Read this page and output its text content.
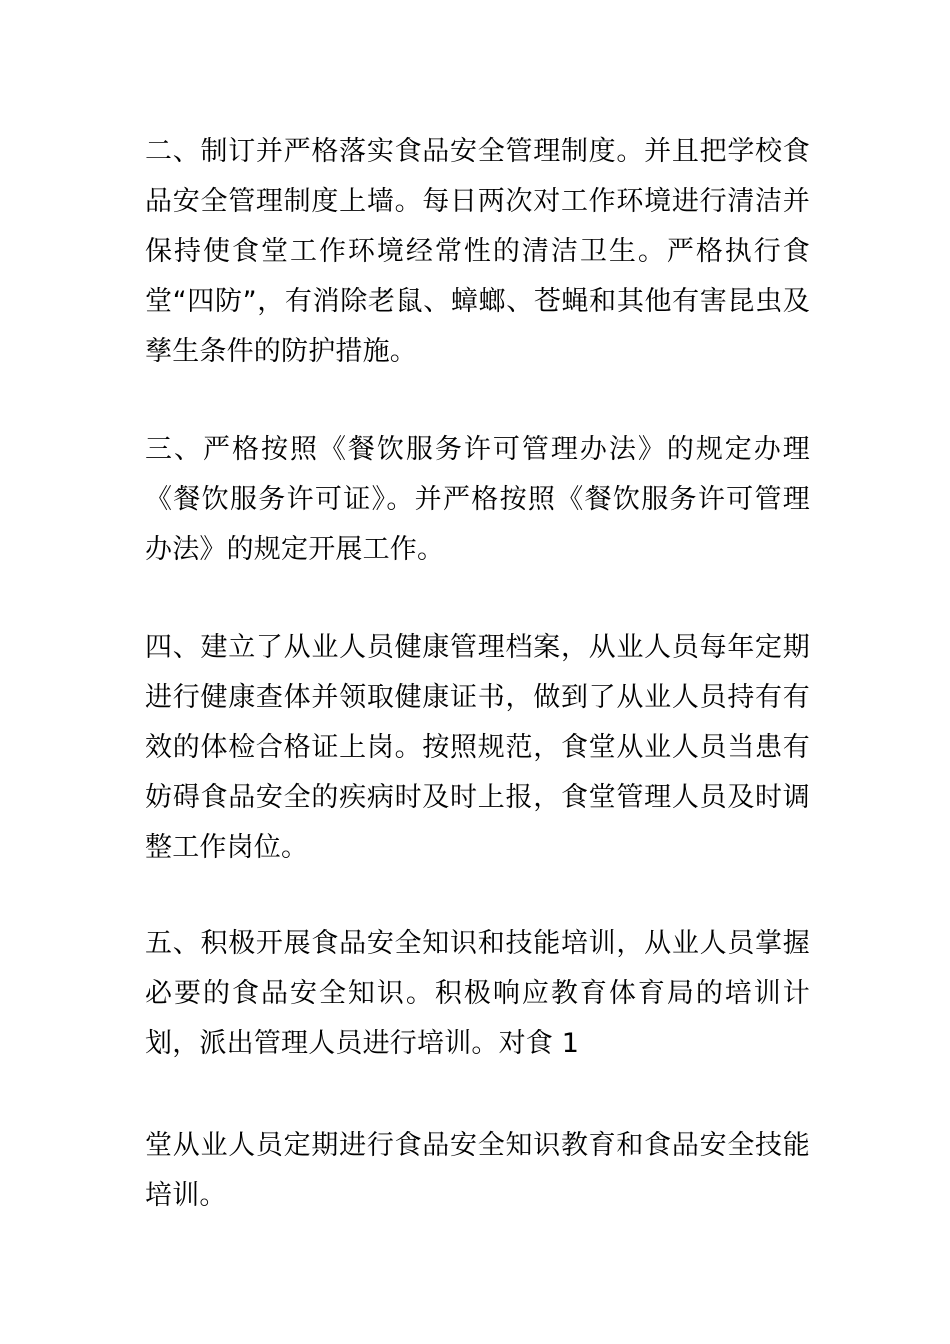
二、制订并严格落实食品安全管理制度。并且把学校食品安全管理制度上墙。每日两次对工作环境进行清洁并保持使食堂工作环境经常性的清洁卫生。严格执行食堂“四防”，有消除老鼠、蟑螂、苍蝇和其他有害昆虫及孳生条件的防护措施。

三、严格按照《餐饮服务许可管理办法》的规定办理《餐饮服务许可证》。并严格按照《餐饮服务许可管理办法》的规定开展工作。

四、建立了从业人员健康管理档案，从业人员每年定期进行健康查体并领取健康证书，做到了从业人员持有有效的体检合格证上岗。按照规范，食堂从业人员当患有妨碍食品安全的疾病时及时上报，食堂管理人员及时调整工作岗位。

五、积极开展食品安全知识和技能培训，从业人员掌握必要的食品安全知识。积极响应教育体育局的培训计划，派出管理人员进行培训。对食 1

堂从业人员定期进行食品安全知识教育和食品安全技能培训。
